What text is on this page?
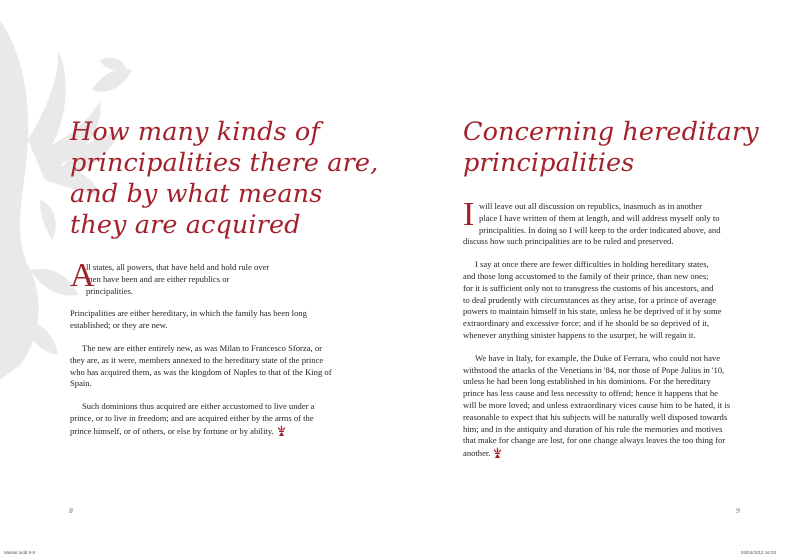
How many kinds of
principalities there are,
and by what means
they are acquired
A
ll states, all powers, that have held and hold rule over
men have been and are either republics or
principalities.

Principalities are either hereditary, in which the family has been long
established; or they are new.

The new are either entirely new, as was Milan to Francesco Sforza, or
they are, as it were, members annexed to the hereditary state of the prince
who has acquired them, as was the kingdom of Naples to that of the King of
Spain.

Such dominions thus acquired are either accustomed to live under a
prince, or to live in freedom; and are acquired either by the arms of the
prince himself, or of others, or else by fortune or by ability.

8
Concerning hereditary
principalities
I will leave out all discussion on republics, inasmuch as in another
place I have written of them at length, and will address myself only to
principalities. In doing so I will keep to the order indicated above, and
discuss how such principalities are to be ruled and preserved.

I say at once there are fewer difficulties in holding hereditary states,
and those long accustomed to the family of their prince, than new ones;
for it is sufficient only not to transgress the customs of his ancestors, and
to deal prudently with circumstances as they arise, for a prince of average
powers to maintain himself in his state, unless he be deprived of it by some
extraordinary and excessive force; and if he should be so deprived of it,
whenever anything sinister happens to the usurper, he will regain it.

We have in Italy, for example, the Duke of Ferrara, who could not have
withstood the attacks of the Venetians in '84, nor those of Pope Julius in '10,
unless he had been long established in his dominions. For the hereditary
prince has less cause and less necessity to offend; hence it happens that he
will be more loved; and unless extraordinary vices cause him to be hated, it is
reasonable to expect that his subjects will be naturally well disposed towards
him; and in the antiquity and duration of his rule the memories and motives
that make for change are lost, for one change always leaves the too thing for
another.

9
Master.indd 8-9	03/04/2012 16:33
